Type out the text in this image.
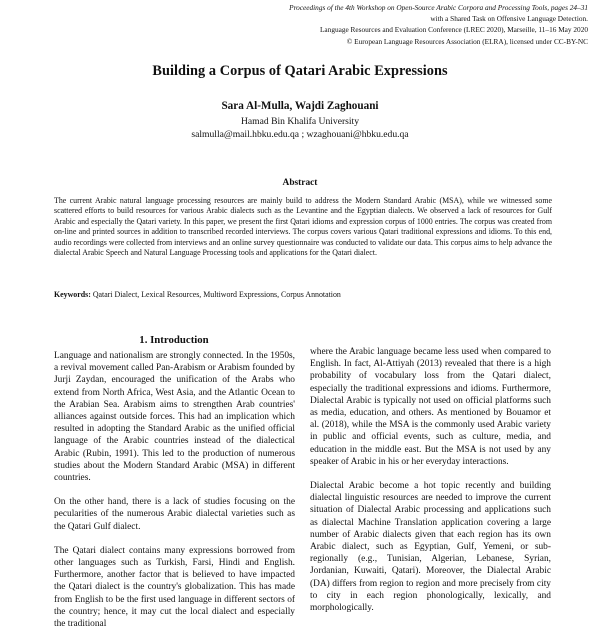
Proceedings of the 4th Workshop on Open-Source Arabic Corpora and Processing Tools, pages 24–31
with a Shared Task on Offensive Language Detection.
Language Resources and Evaluation Conference (LREC 2020), Marseille, 11–16 May 2020
© European Language Resources Association (ELRA), licensed under CC-BY-NC
Building a Corpus of Qatari Arabic Expressions
Sara Al-Mulla, Wajdi Zaghouani
Hamad Bin Khalifa University
salmulla@mail.hbku.edu.qa ; wzaghouani@hbku.edu.qa
Abstract
The current Arabic natural language processing resources are mainly build to address the Modern Standard Arabic (MSA), while we witnessed some scattered efforts to build resources for various Arabic dialects such as the Levantine and the Egyptian dialects. We observed a lack of resources for Gulf Arabic and especially the Qatari variety. In this paper, we present the first Qatari idioms and expression corpus of 1000 entries. The corpus was created from on-line and printed sources in addition to transcribed recorded interviews. The corpus covers various Qatari traditional expressions and idioms. To this end, audio recordings were collected from interviews and an online survey questionnaire was conducted to validate our data. This corpus aims to help advance the dialectal Arabic Speech and Natural Language Processing tools and applications for the Qatari dialect.
Keywords: Qatari Dialect, Lexical Resources, Multiword Expressions, Corpus Annotation
1. Introduction

Language and nationalism are strongly connected. In the 1950s, a revival movement called Pan-Arabism or Arabism founded by Jurji Zaydan, encouraged the unification of the Arabs who extend from North Africa, West Asia, and the Atlantic Ocean to the Arabian Sea. Arabism aims to strengthen Arab countries' alliances against outside forces. This had an implication which resulted in adopting the Standard Arabic as the unified official language of the Arabic countries instead of the dialectical Arabic (Rubin, 1991). This led to the production of numerous studies about the Modern Standard Arabic (MSA) in different countries.

On the other hand, there is a lack of studies focusing on the pecularities of the numerous Arabic dialectal varieties such as the Qatari Gulf dialect.

The Qatari dialect contains many expressions borrowed from other languages such as Turkish, Farsi, Hindi and English. Furthermore, another factor that is believed to have impacted the Qatari dialect is the country's globalization. This has made from English to be the first used language in different sectors of the country; hence, it may cut the local dialect and especially the traditional

where the Arabic language became less used when compared to English. In fact, Al-Attiyah (2013) revealed that there is a high probability of vocabulary loss from the Qatari dialect, especially the traditional expressions and idioms. Furthermore, Dialectal Arabic is typically not used on official platforms such as media, education, and others. As mentioned by Bouamor et al. (2018), while the MSA is the commonly used Arabic variety in public and official events, such as culture, media, and education in the middle east. But the MSA is not used by any speaker of Arabic in his or her everyday interactions.

Dialectal Arabic become a hot topic recently and building dialectal linguistic resources are needed to improve the current situation of Dialectal Arabic processing and applications such as dialectal Machine Translation application covering a large number of Arabic dialects given that each region has its own Arabic dialect, such as Egyptian, Gulf, Yemeni, or sub-regionally (e.g., Tunisian, Algerian, Lebanese, Syrian, Jordanian, Kuwaiti, Qatari). Moreover, the Dialectal Arabic (DA) differs from region to region and more precisely from city to city in each region phonologically, lexically, and morphologically.
